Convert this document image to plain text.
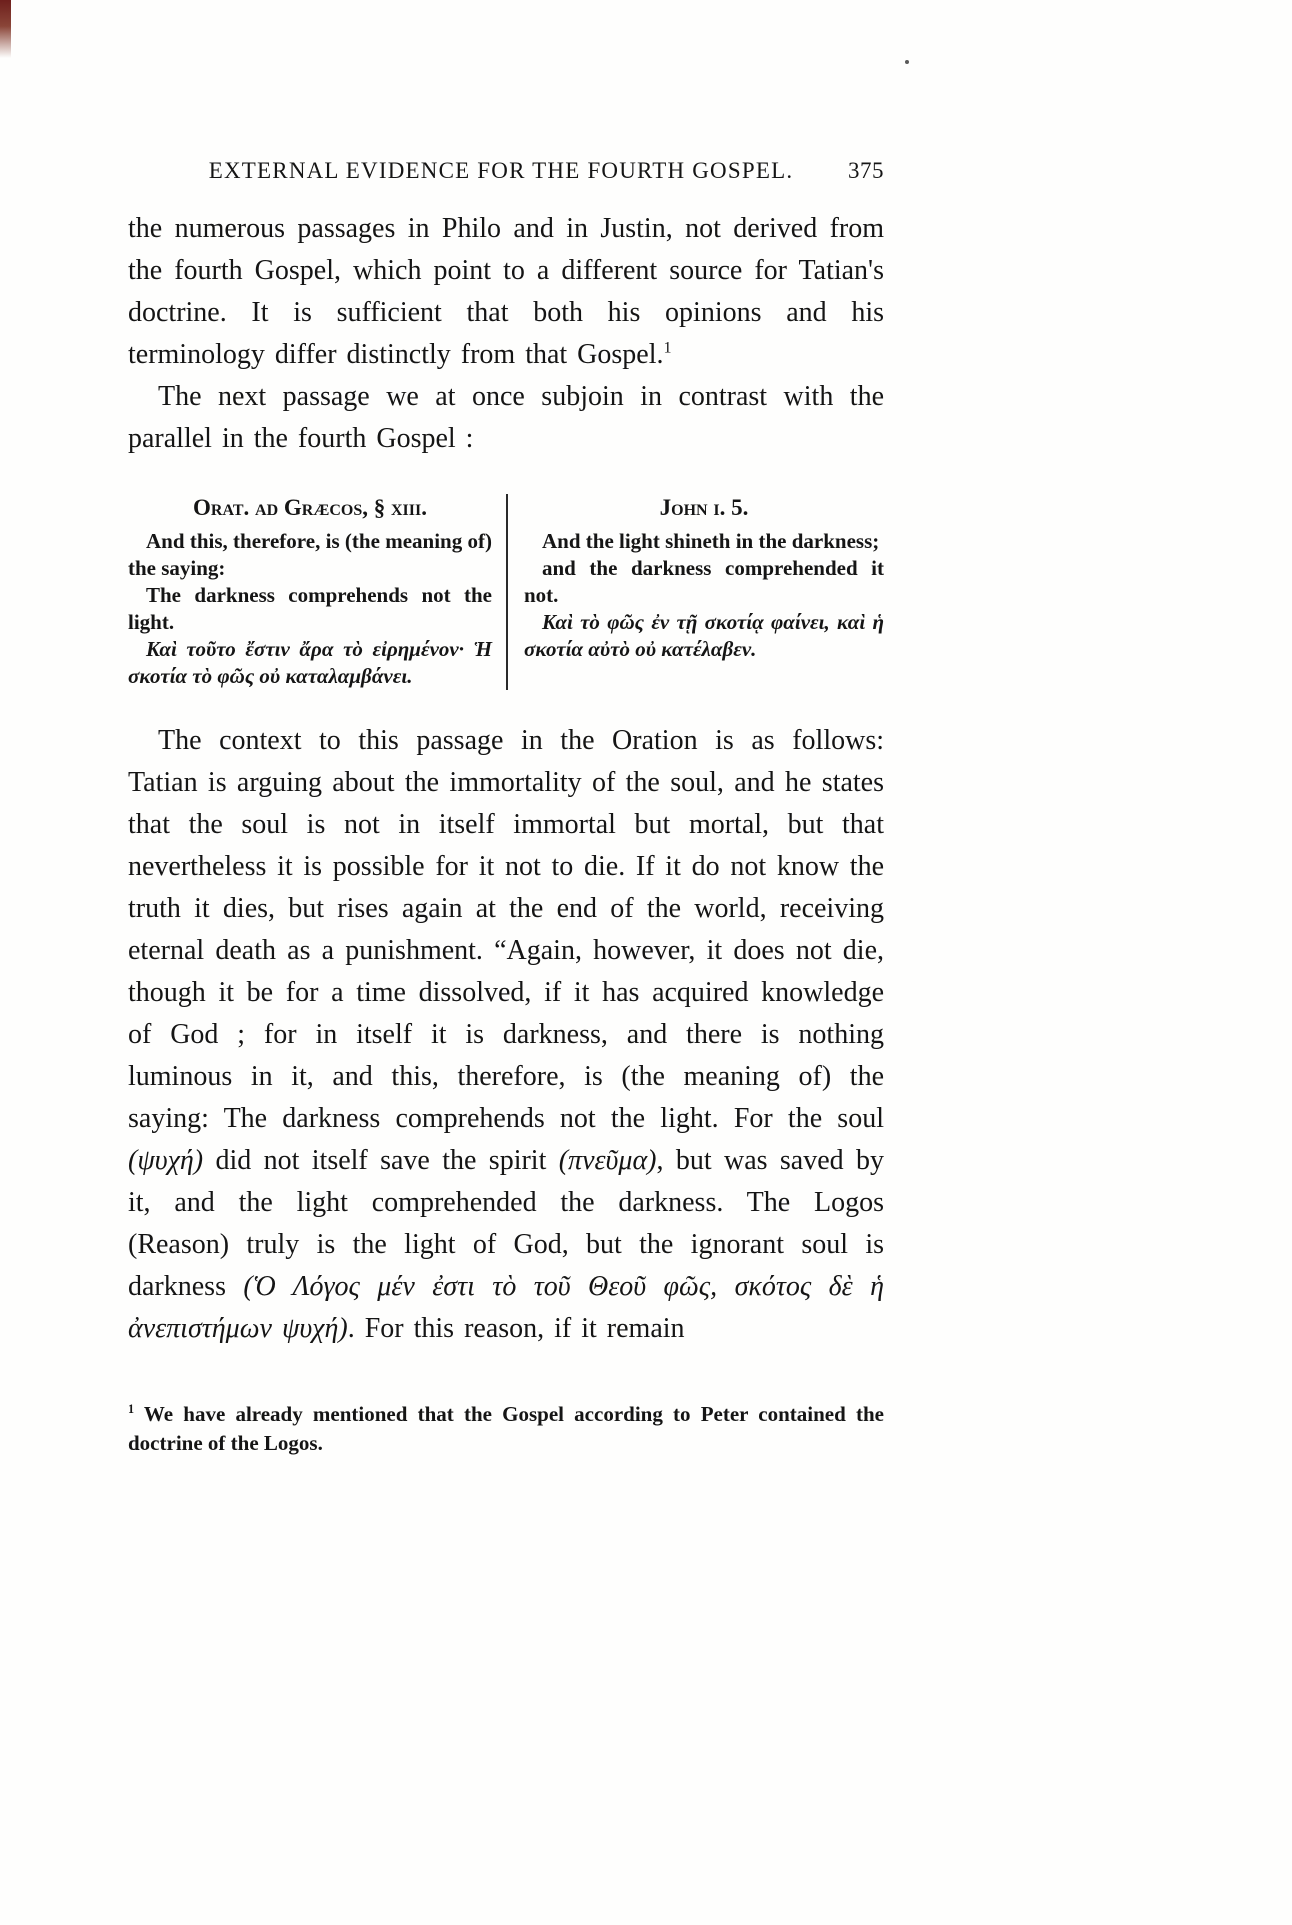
EXTERNAL EVIDENCE FOR THE FOURTH GOSPEL.	375

the numerous passages in Philo and in Justin, not derived from the fourth Gospel, which point to a different source for Tatian's doctrine. It is sufficient that both his opinions and his terminology differ distinctly from that Gospel.$^1$

The next passage we at once subjoin in contrast with the parallel in the fourth Gospel :

Orat. ad Græcos, § xiii.

And this, therefore, is (the meaning of) the saying:

The darkness comprehends not the light.

Καὶ τοῦτο ἔστιν ἄρα τὸ εἰρημένον· Ἡ σκοτία τὸ φῶς οὐ καταλαμβάνει.

John i. 5.

And the light shineth in the darkness;

and the darkness comprehended it not.

Καὶ τὸ φῶς ἐν τῇ σκοτίᾳ φαίνει, καὶ ἡ σκοτία αὐτὸ οὐ κατέλαβεν.

The context to this passage in the Oration is as follows: Tatian is arguing about the immortality of the soul, and he states that the soul is not in itself immortal but mortal, but that nevertheless it is possible for it not to die. If it do not know the truth it dies, but rises again at the end of the world, receiving eternal death as a punishment. “Again, however, it does not die, though it be for a time dissolved, if it has acquired knowledge of God ; for in itself it is darkness, and there is nothing luminous in it, and this, therefore, is (the meaning of) the saying: The darkness comprehends not the light. For the soul (ψυχή) did not itself save the spirit (πνεῦμα), but was saved by it, and the light comprehended the darkness. The Logos (Reason) truly is the light of God, but the ignorant soul is darkness (Ὁ Λόγος μέν ἐστι τὸ τοῦ Θεοῦ φῶς, σκότος δὲ ἡ ἀνεπιστήμων ψυχή). For this reason, if it remain

$^1$ We have already mentioned that the Gospel according to Peter contained the doctrine of the Logos.
